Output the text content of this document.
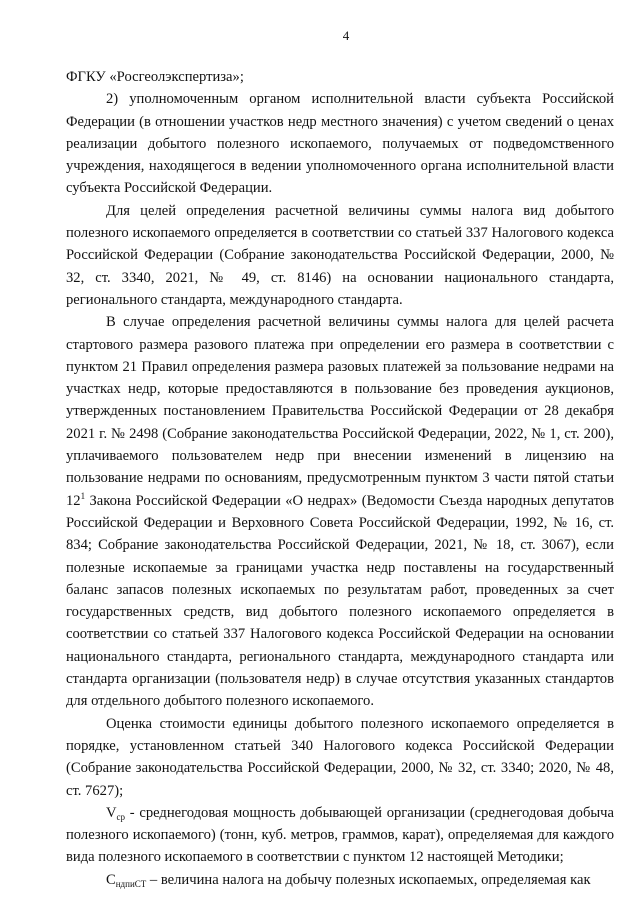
4

ФГКУ «Росгеолэкспертиза»;

2) уполномоченным органом исполнительной власти субъекта Российской Федерации (в отношении участков недр местного значения) с учетом сведений о ценах реализации добытого полезного ископаемого, получаемых от подведомственного учреждения, находящегося в ведении уполномоченного органа исполнительной власти субъекта Российской Федерации.

Для целей определения расчетной величины суммы налога вид добытого полезного ископаемого определяется в соответствии со статьей 337 Налогового кодекса Российской Федерации (Собрание законодательства Российской Федерации, 2000, № 32, ст. 3340, 2021, № 49, ст. 8146) на основании национального стандарта, регионального стандарта, международного стандарта.

В случае определения расчетной величины суммы налога для целей расчета стартового размера разового платежа при определении его размера в соответствии с пунктом 21 Правил определения размера разовых платежей за пользование недрами на участках недр, которые предоставляются в пользование без проведения аукционов, утвержденных постановлением Правительства Российской Федерации от 28 декабря 2021 г. № 2498 (Собрание законодательства Российской Федерации, 2022, № 1, ст. 200), уплачиваемого пользователем недр при внесении изменений в лицензию на пользование недрами по основаниям, предусмотренным пунктом 3 части пятой статьи $12^1$ Закона Российской Федерации «О недрах» (Ведомости Съезда народных депутатов Российской Федерации и Верховного Совета Российской Федерации, 1992, № 16, ст. 834; Собрание законодательства Российской Федерации, 2021, № 18, ст. 3067), если полезные ископаемые за границами участка недр поставлены на государственный баланс запасов полезных ископаемых по результатам работ, проведенных за счет государственных средств, вид добытого полезного ископаемого определяется в соответствии со статьей 337 Налогового кодекса Российской Федерации на основании национального стандарта, регионального стандарта, международного стандарта или стандарта организации (пользователя недр) в случае отсутствия указанных стандартов для отдельного добытого полезного ископаемого.

Оценка стоимости единицы добытого полезного ископаемого определяется в порядке, установленном статьей 340 Налогового кодекса Российской Федерации (Собрание законодательства Российской Федерации, 2000, № 32, ст. 3340; 2020, № 48, ст. 7627);

$V_{ср}$ - среднегодовая мощность добывающей организации (среднегодовая добыча полезного ископаемого) (тонн, куб. метров, граммов, карат), определяемая для каждого вида полезного ископаемого в соответствии с пунктом 12 настоящей Методики;

$С_{ндпиСТ}$ – величина налога на добычу полезных ископаемых, определяемая как
